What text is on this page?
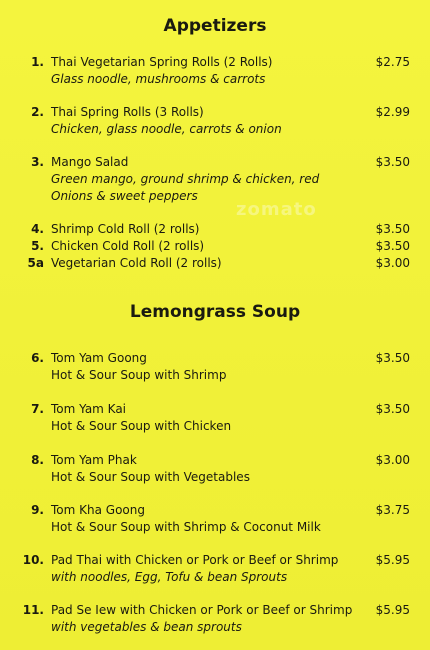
zomato
Appetizers
1. Thai Vegetarian Spring Rolls (2 Rolls)	$2.75
Glass noodle, mushrooms & carrots
2. Thai Spring Rolls (3 Rolls)	$2.99
Chicken, glass noodle, carrots & onion
3. Mango Salad	$3.50
Green mango, ground shrimp & chicken, red
Onions & sweet peppers
4. Shrimp Cold Roll (2 rolls)	$3.50
5. Chicken Cold Roll (2 rolls)	$3.50
5a Vegetarian Cold Roll (2 rolls)	$3.00
Lemongrass Soup
6. Tom Yam Goong	$3.50
Hot & Sour Soup with Shrimp
7. Tom Yam Kai	$3.50
Hot & Sour Soup with Chicken
8. Tom Yam Phak	$3.00
Hot & Sour Soup with Vegetables
9. Tom Kha Goong	$3.75
Hot & Sour Soup with Shrimp & Coconut Milk
10. Pad Thai with Chicken or Pork or Beef or Shrimp	$5.95
with noodles, Egg, Tofu & bean Sprouts
11. Pad Se Iew with Chicken or Pork or Beef or Shrimp $5.95
with vegetables & bean sprouts
